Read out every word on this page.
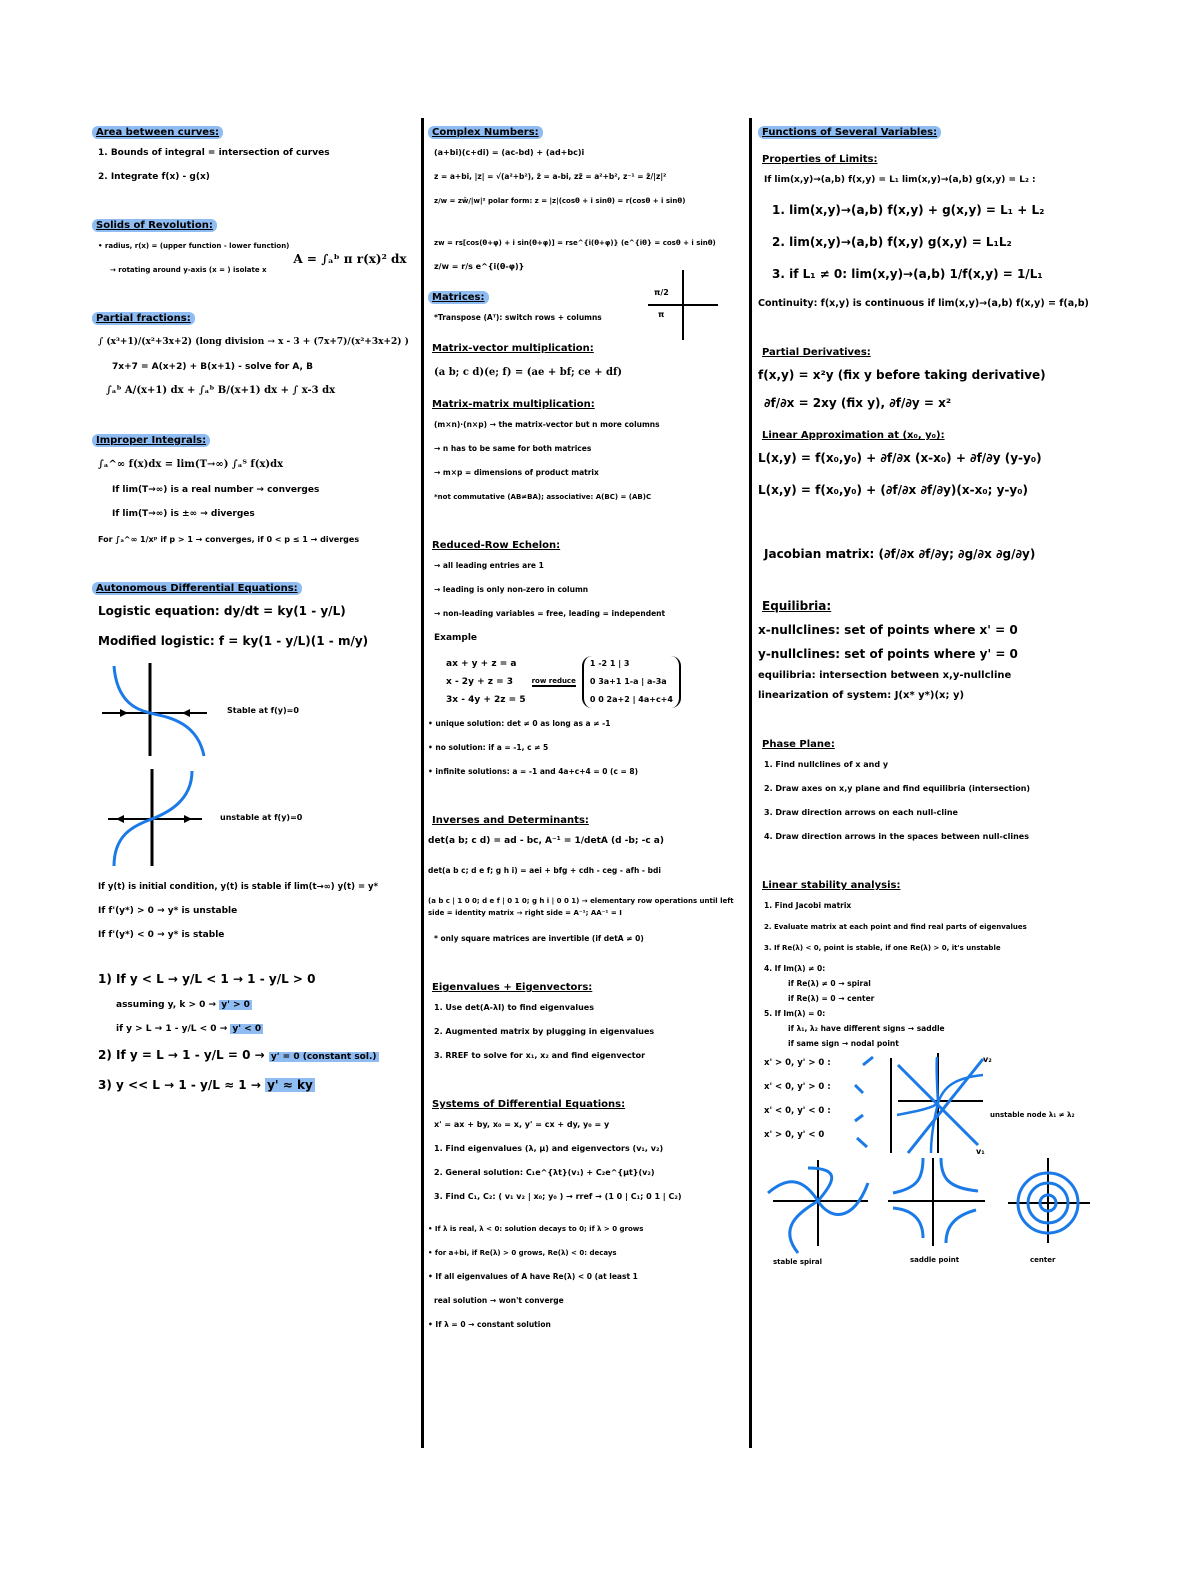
Area between curves:
1. Bounds of integral = intersection of curves
2. Integrate f(x) - g(x)
Solids of Revolution:
• radius, r(x) = (upper function - lower function)
→ rotating around y-axis (x = ) isolate x
A = ∫ₐᵇ π r(x)² dx
Partial fractions:
∫ (x³+1)/(x²+3x+2) (long division → x - 3 + (7x+7)/(x²+3x+2) )
7x+7 = A(x+2) + B(x+1) - solve for A, B
∫ₐᵇ A/(x+1) dx + ∫ₐᵇ B/(x+1) dx + ∫ x-3 dx
Improper Integrals:
∫ₐ^∞ f(x)dx = lim(T→∞) ∫ₐᵀ f(x)dx
If lim(T→∞) is a real number → converges
If lim(T→∞) is ±∞ → diverges
For ∫ₐ^∞ 1/xᵖ if p > 1 → converges, if 0 < p ≤ 1 → diverges
Autonomous Differential Equations:
Logistic equation: dy/dt = ky(1 - y/L)
Modified logistic: f = ky(1 - y/L)(1 - m/y)
Stable at f(y)=0
unstable at f(y)=0
If y(t) is initial condition, y(t) is stable if lim(t→∞) y(t) = y*
If f'(y*) > 0 → y* is unstable
If f'(y*) < 0 → y* is stable
1) If y < L → y/L < 1 → 1 - y/L > 0
assuming y, k > 0 → y' > 0
if y > L → 1 - y/L < 0 → y' < 0
2) If y = L → 1 - y/L = 0 → y' = 0 (constant sol.)
3) y << L → 1 - y/L ≈ 1 → y' ≈ ky
Complex Numbers:
(a+bi)(c+di) = (ac-bd) + (ad+bc)i
z = a+bi, |z| = √(a²+b²), z̄ = a-bi, zz̄ = a²+b², z⁻¹ = z̄/|z|²
z/w = zw̄/|w|² polar form: z = |z|(cosθ + i sinθ) = r(cosθ + i sinθ)
zw = rs[cos(θ+φ) + i sin(θ+φ)] = rse^{i(θ+φ)} (e^{iθ} = cosθ + i sinθ)
z/w = r/s e^{i(θ-φ)}
π/2
π
Matrices:
*Transpose (Aᵀ): switch rows + columns
Matrix-vector multiplication:
(a b; c d)(e; f) = (ae + bf; ce + df)
Matrix-matrix multiplication:
(m×n)·(n×p) → the matrix-vector but n more columns
→ n has to be same for both matrices
→ m×p = dimensions of product matrix
*not commutative (AB≠BA); associative: A(BC) = (AB)C
Reduced-Row Echelon:
→ all leading entries are 1
→ leading is only non-zero in column
→ non-leading variables = free, leading = independent
Example
ax + y + z = a
x - 2y + z = 3
3x - 4y + 2z = 5
row reduce
1 -2 1 | 3
0 3a+1 1-a | a-3a
0 0 2a+2 | 4a+c+4
• unique solution: det ≠ 0 as long as a ≠ -1
• no solution: if a = -1, c ≠ 5
• infinite solutions: a = -1 and 4a+c+4 = 0 (c = 8)
Inverses and Determinants:
det(a b; c d) = ad - bc, A⁻¹ = 1/detA (d -b; -c a)
det(a b c; d e f; g h i) = aei + bfg + cdh - ceg - afh - bdi
(a b c | 1 0 0; d e f | 0 1 0; g h i | 0 0 1) → elementary row operations until left side = identity matrix → right side = A⁻¹; AA⁻¹ = I
* only square matrices are invertible (if detA ≠ 0)
Eigenvalues + Eigenvectors:
1. Use det(A-λI) to find eigenvalues
2. Augmented matrix by plugging in eigenvalues
3. RREF to solve for x₁, x₂ and find eigenvector
Systems of Differential Equations:
x' = ax + by, x₀ = x, y' = cx + dy, y₀ = y
1. Find eigenvalues (λ, μ) and eigenvectors (v₁, v₂)
2. General solution: C₁e^{λt}(v₁) + C₂e^{μt}(v₂)
3. Find C₁, C₂: ( v₁ v₂ | x₀; y₀ ) → rref → (1 0 | C₁; 0 1 | C₂)
• If λ is real, λ < 0: solution decays to 0; if λ > 0 grows
• for a+bi, if Re(λ) > 0 grows, Re(λ) < 0: decays
• If all eigenvalues of A have Re(λ) < 0 (at least 1
real solution → won't converge
• If λ = 0 → constant solution
Functions of Several Variables:
Properties of Limits:
If lim(x,y)→(a,b) f(x,y) = L₁ lim(x,y)→(a,b) g(x,y) = L₂ :
1. lim(x,y)→(a,b) f(x,y) + g(x,y) = L₁ + L₂
2. lim(x,y)→(a,b) f(x,y) g(x,y) = L₁L₂
3. if L₁ ≠ 0: lim(x,y)→(a,b) 1/f(x,y) = 1/L₁
Continuity: f(x,y) is continuous if lim(x,y)→(a,b) f(x,y) = f(a,b)
Partial Derivatives:
f(x,y) = x²y (fix y before taking derivative)
∂f/∂x = 2xy (fix y), ∂f/∂y = x²
Linear Approximation at (x₀, y₀):
L(x,y) = f(x₀,y₀) + ∂f/∂x (x-x₀) + ∂f/∂y (y-y₀)
L(x,y) = f(x₀,y₀) + (∂f/∂x ∂f/∂y)(x-x₀; y-y₀)
Jacobian matrix: (∂f/∂x ∂f/∂y; ∂g/∂x ∂g/∂y)
Equilibria:
x-nullclines: set of points where x' = 0
y-nullclines: set of points where y' = 0
equilibria: intersection between x,y-nullcline
linearization of system: J(x* y*)(x; y)
Phase Plane:
1. Find nullclines of x and y
2. Draw axes on x,y plane and find equilibria (intersection)
3. Draw direction arrows on each null-cline
4. Draw direction arrows in the spaces between null-clines
Linear stability analysis:
1. Find Jacobi matrix
2. Evaluate matrix at each point and find real parts of eigenvalues
3. If Re(λ) < 0, point is stable, if one Re(λ) > 0, it's unstable
4. If Im(λ) ≠ 0:
if Re(λ) ≠ 0 → spiral
if Re(λ) = 0 → center
5. If Im(λ) = 0:
if λ₁, λ₂ have different signs → saddle
if same sign → nodal point
x' > 0, y' > 0 :
x' < 0, y' > 0 :
x' < 0, y' < 0 :
x' > 0, y' < 0
v₂
v₁
unstable node λ₁ ≠ λ₂
stable spiral	saddle point	center
